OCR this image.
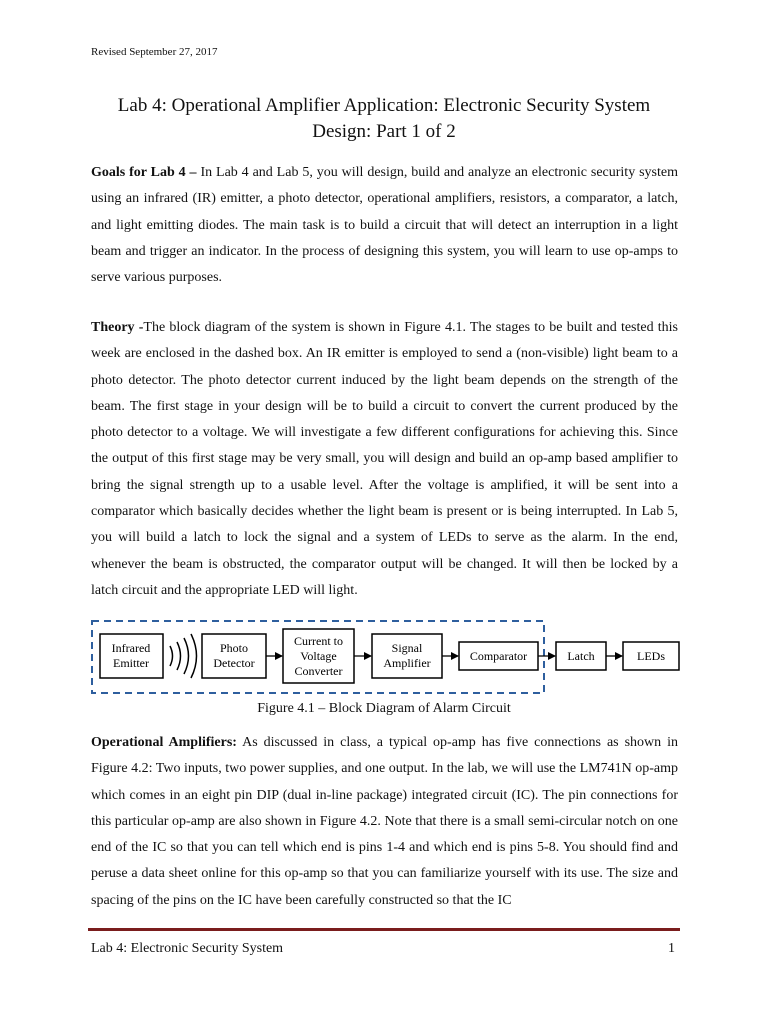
Revised September 27, 2017
Lab 4: Operational Amplifier Application: Electronic Security System
Design: Part 1 of 2
Goals for Lab 4 – In Lab 4 and Lab 5, you will design, build and analyze an electronic security system using an infrared (IR) emitter, a photo detector, operational amplifiers, resistors, a comparator, a latch, and light emitting diodes. The main task is to build a circuit that will detect an interruption in a light beam and trigger an indicator. In the process of designing this system, you will learn to use op-amps to serve various purposes.
Theory -The block diagram of the system is shown in Figure 4.1. The stages to be built and tested this week are enclosed in the dashed box. An IR emitter is employed to send a (non-visible) light beam to a photo detector. The photo detector current induced by the light beam depends on the strength of the beam. The first stage in your design will be to build a circuit to convert the current produced by the photo detector to a voltage. We will investigate a few different configurations for achieving this. Since the output of this first stage may be very small, you will design and build an op-amp based amplifier to bring the signal strength up to a usable level. After the voltage is amplified, it will be sent into a comparator which basically decides whether the light beam is present or is being interrupted. In Lab 5, you will build a latch to lock the signal and a system of LEDs to serve as the alarm. In the end, whenever the beam is obstructed, the comparator output will be changed. It will then be locked by a latch circuit and the appropriate LED will light.
Infrared
Emitter
Photo
Detector
Current to
Voltage
Converter
Signal
Amplifier	Comparator	Latch	LEDs
Figure 4.1 – Block Diagram of Alarm Circuit
Operational Amplifiers: As discussed in class, a typical op-amp has five connections as shown in Figure 4.2: Two inputs, two power supplies, and one output. In the lab, we will use the LM741N op-amp which comes in an eight pin DIP (dual in-line package) integrated circuit (IC). The pin connections for this particular op-amp are also shown in Figure 4.2. Note that there is a small semi-circular notch on one end of the IC so that you can tell which end is pins 1-4 and which end is pins 5-8. You should find and peruse a data sheet online for this op-amp so that you can familiarize yourself with its use. The size and spacing of the pins on the IC have been carefully constructed so that the IC
Lab 4: Electronic Security System	1
